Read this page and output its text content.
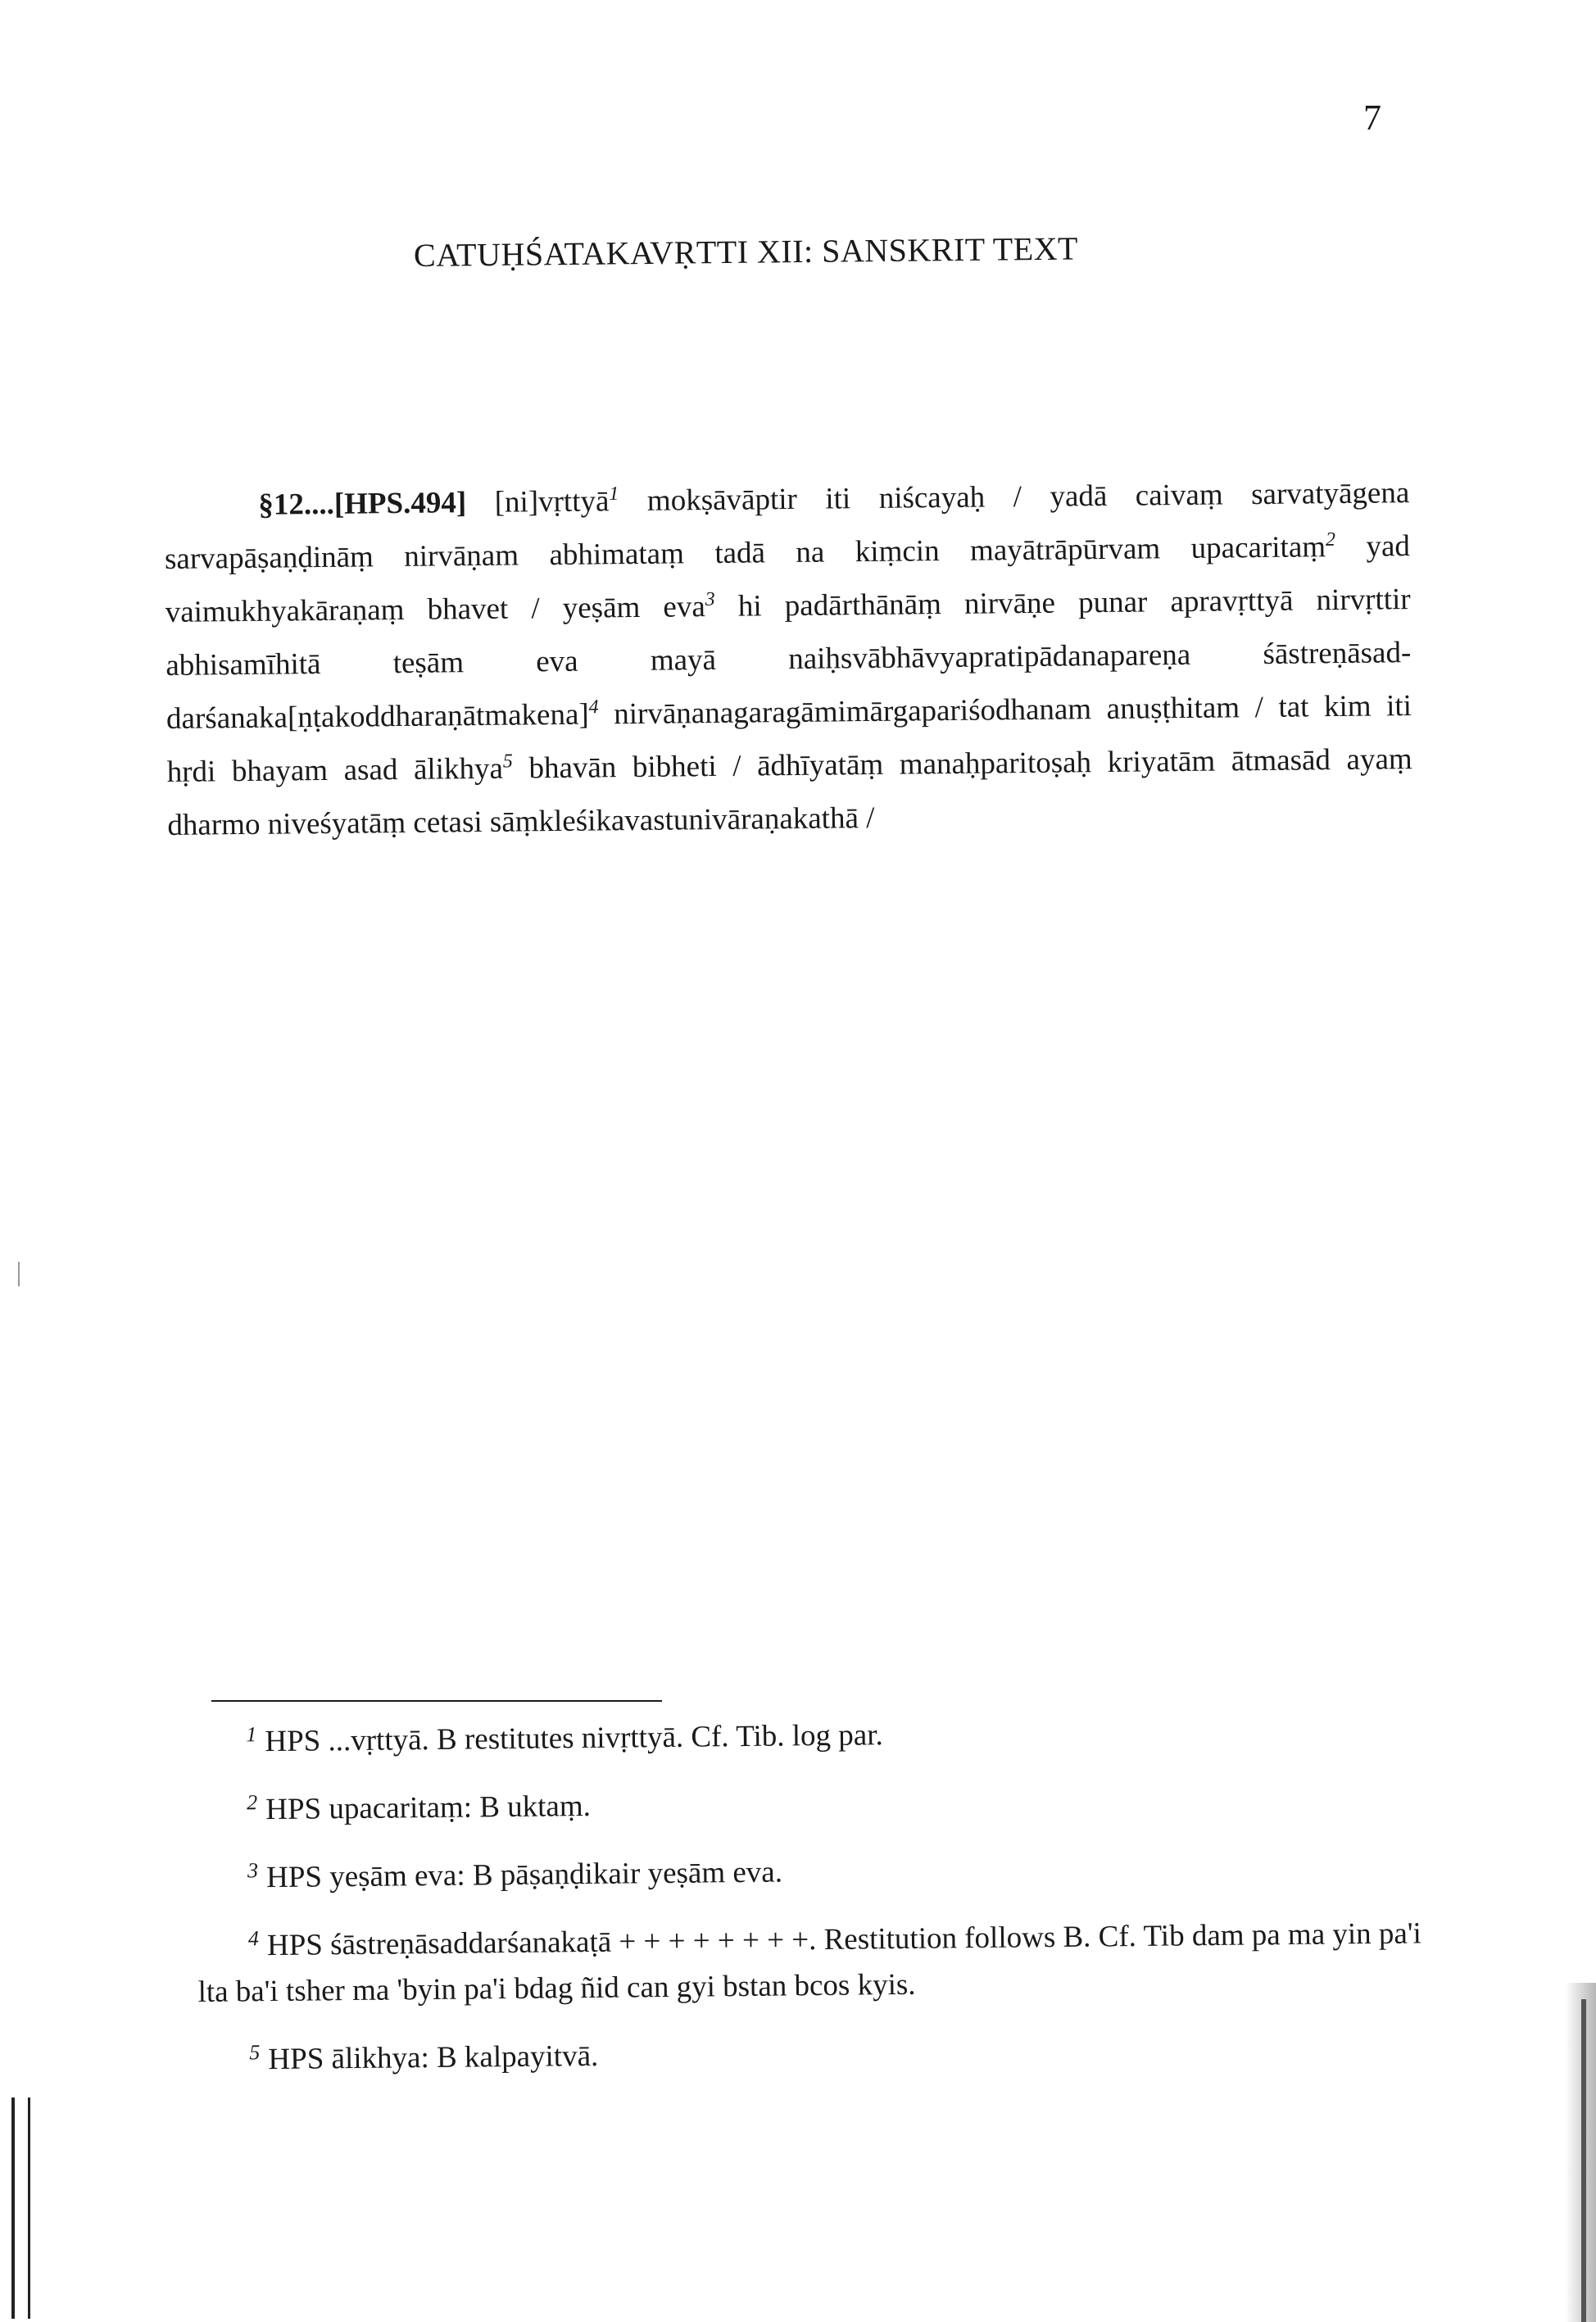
7
CATUḤŚATAKAVṚTTI XII: SANSKRIT TEXT
§12....[HPS.494] [ni]vṛttyā$^1$ mokṣāvāptir iti niścayaḥ / yadā caivaṃ sarvatyāgena sarvapāṣaṇḍināṃ nirvāṇam abhimataṃ tadā na kiṃcin mayātrāpūrvam upacaritaṃ$^2$ yad vaimukhyakāraṇaṃ bhavet / yeṣām eva$^3$ hi padārthānāṃ nirvāṇe punar apravṛttyā nirvṛttir abhisamīhitā teṣām eva mayā naiḥsvābhāvyapratipādanapareṇa śāstreṇāsad-darśanaka[ṇṭakoddharaṇātmakena]$^4$ nirvāṇanagaragāmimārgapariśodhanam anuṣṭhitam / tat kim iti hṛdi bhayam asad ālikhya$^5$ bhavān bibheti / ādhīyatāṃ manaḥparitoṣaḥ kriyatām ātmasād ayaṃ dharmo niveśyatāṃ cetasi sāṃkleśikavastunivāraṇakathā /
$^1$ HPS ...vṛttyā. B restitutes nivṛttyā. Cf. Tib. log par.
$^2$ HPS upacaritaṃ: B uktaṃ.
$^3$ HPS yeṣām eva: B pāṣaṇḍikair yeṣām eva.
$^4$ HPS śāstreṇāsaddarśanakaṭā + + + + + + + +. Restitution follows B. Cf. Tib dam pa ma yin pa'i lta ba'i tsher ma 'byin pa'i bdag ñid can gyi bstan bcos kyis.
$^5$ HPS ālikhya: B kalpayitvā.
